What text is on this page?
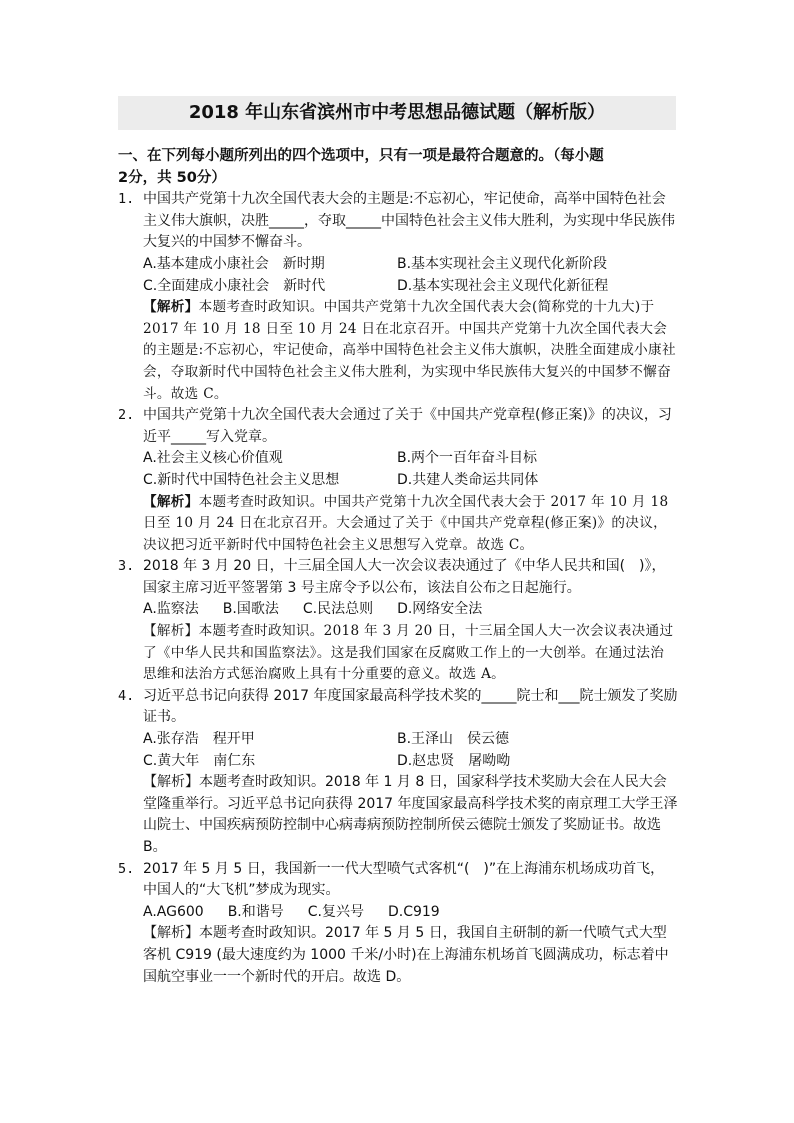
2018 年山东省滨州市中考思想品德试题（解析版）

一、在下列每小题所列出的四个选项中，只有一项是最符合题意的。（每小题
2分，共 50分）

1. 中国共产党第十九次全国代表大会的主题是:不忘初心，牢记使命，高举中国特色社会主义伟大旗帜，决胜_____，夺取_____中国特色社会主义伟大胜利，为实现中华民族伟大复兴的中国梦不懈奋斗。

A.基本建成小康社会　新时期	B.基本实现社会主义现代化新阶段
C.全面建成小康社会　新时代	D.基本实现社会主义现代化新征程

【解析】本题考查时政知识。中国共产党第十九次全国代表大会(简称党的十九大)于 2017 年 10 月 18 日至 10 月 24 日在北京召开。中国共产党第十九次全国代表大会的主题是:不忘初心，牢记使命，高举中国特色社会主义伟大旗帜，决胜全面建成小康社会，夺取新时代中国特色社会主义伟大胜利，为实现中华民族伟大复兴的中国梦不懈奋斗。故选 C。

2. 中国共产党第十九次全国代表大会通过了关于《中国共产党章程(修正案)》的决议，习近平_____写入党章。

A.社会主义核心价值观	B.两个一百年奋斗目标
C.新时代中国特色社会主义思想	D.共建人类命运共同体

【解析】本题考查时政知识。中国共产党第十九次全国代表大会于 2017 年 10 月 18 日至 10 月 24 日在北京召开。大会通过了关于《中国共产党章程(修正案)》的决议，决议把习近平新时代中国特色社会主义思想写入党章。故选 C。

3. 2018 年 3 月 20 日，十三届全国人大一次会议表决通过了《中华人民共和国(　)》，国家主席习近平签署第 3 号主席令予以公布，该法自公布之日起施行。

A.监察法 B.国歌法 C.民法总则 D.网络安全法

【解析】本题考查时政知识。2018 年 3 月 20 日，十三届全国人大一次会议表决通过了《中华人民共和国监察法》。这是我们国家在反腐败工作上的一大创举。在通过法治思维和法治方式惩治腐败上具有十分重要的意义。故选 A。

4. 习近平总书记向获得 2017 年度国家最高科学技术奖的_____院士和___院士颁发了奖励证书。

A.张存浩　程开甲	B.王泽山　侯云德
C.黄大年　南仁东	D.赵忠贤　屠呦呦

【解析】本题考查时政知识。2018 年 1 月 8 日，国家科学技术奖励大会在人民大会堂隆重举行。习近平总书记向获得 2017 年度国家最高科学技术奖的南京理工大学王泽山院士、中国疾病预防控制中心病毒病预防控制所侯云德院士颁发了奖励证书。故选 B。

5. 2017 年 5 月 5 日，我国新一一代大型喷气式客机“(　)”在上海浦东机场成功首飞，中国人的“大飞机”梦成为现实。

A.AG600 B.和谐号 C.复兴号 D.C919

【解析】本题考查时政知识。2017 年 5 月 5 日，我国自主研制的新一代喷气式大型客机 C919 (最大速度约为 1000 千米/小时)在上海浦东机场首飞圆满成功，标志着中国航空事业一一个新时代的开启。故选 D。
